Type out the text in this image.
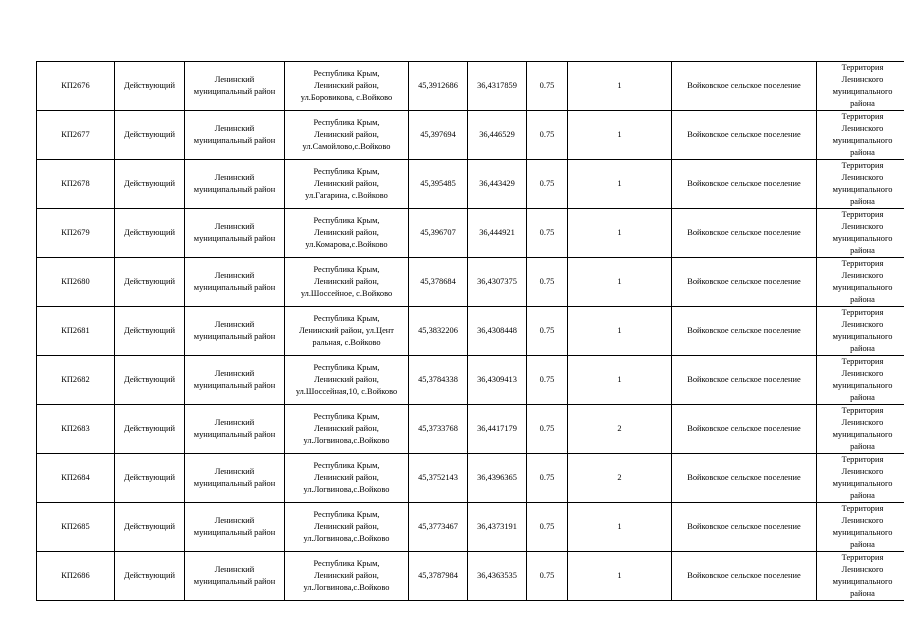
КП2676	Действующий	Ленинский муниципальный район	Республика Крым,
Ленинский район,
ул.Боровикова, с.Войково	45,3912686	36,4317859	0.75	1	Войковское сельское поселение	Территория
Ленинского
муниципального
района
КП2677	Действующий	Ленинский муниципальный район	Республика Крым,
Ленинский район,
ул.Самойлово,с.Войково	45,397694	36,446529	0.75	1	Войковское сельское поселение	Территория
Ленинского
муниципального
района
КП2678	Действующий	Ленинский муниципальный район	Республика Крым,
Ленинский район,
ул.Гагарина, с.Войково	45,395485	36,443429	0.75	1	Войковское сельское поселение	Территория
Ленинского
муниципального
района
КП2679	Действующий	Ленинский муниципальный район	Республика Крым,
Ленинский район,
ул.Комарова,с.Войково	45,396707	36,444921	0.75	1	Войковское сельское поселение	Территория
Ленинского
муниципального
района
КП2680	Действующий	Ленинский муниципальный район	Республика Крым,
Ленинский район,
ул.Шоссейное, с.Войково	45,378684	36,4307375	0.75	1	Войковское сельское поселение	Территория
Ленинского
муниципального
района
КП2681	Действующий	Ленинский муниципальный район	Республика Крым,
Ленинский район, ул.Цент
ральная, с.Войково	45,3832206	36,4308448	0.75	1	Войковское сельское поселение	Территория
Ленинского
муниципального
района
КП2682	Действующий	Ленинский муниципальный район	Республика Крым,
Ленинский район,
ул.Шоссейная,10, с.Войково	45,3784338	36,4309413	0.75	1	Войковское сельское поселение	Территория
Ленинского
муниципального
района
КП2683	Действующий	Ленинский муниципальный район	Республика Крым,
Ленинский район,
ул.Логвинова,с.Войково	45,3733768	36,4417179	0.75	2	Войковское сельское поселение	Территория
Ленинского
муниципального
района
КП2684	Действующий	Ленинский муниципальный район	Республика Крым,
Ленинский район,
ул.Логвинова,с.Войково	45,3752143	36,4396365	0.75	2	Войковское сельское поселение	Территория
Ленинского
муниципального
района
КП2685	Действующий	Ленинский муниципальный район	Республика Крым,
Ленинский район,
ул.Логвинова,с.Войково	45,3773467	36,4373191	0.75	1	Войковское сельское поселение	Территория
Ленинского
муниципального
района
КП2686	Действующий	Ленинский муниципальный район	Республика Крым,
Ленинский район,
ул.Логвинова,с.Войково	45,3787984	36,4363535	0.75	1	Войковское сельское поселение	Территория
Ленинского
муниципального
района
